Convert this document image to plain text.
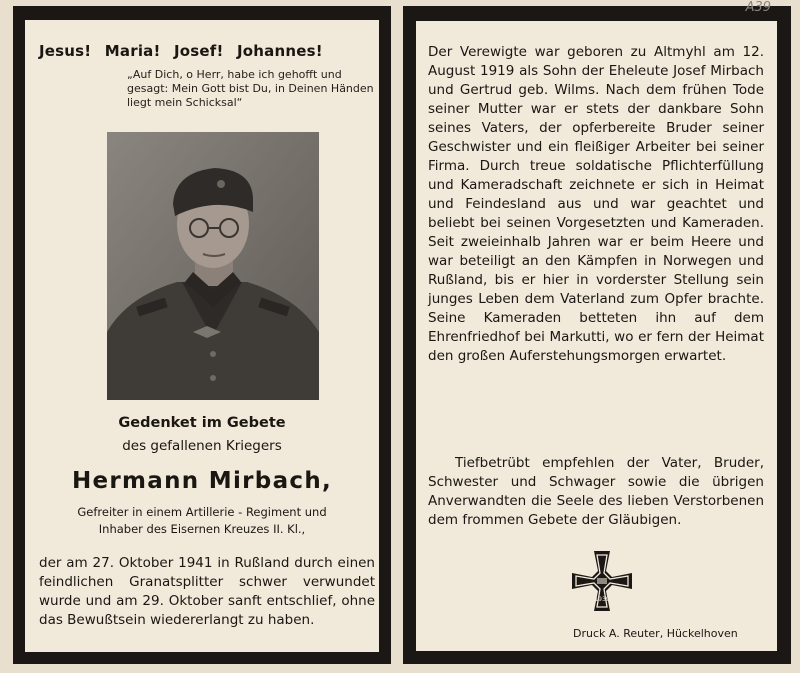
Jesus! Maria! Josef! Johannes!
„Auf Dich, o Herr, habe ich gehofft und gesagt: Mein Gott bist Du, in Deinen Händen liegt mein Schicksal“
Gedenket im Gebete
des gefallenen Kriegers
Hermann Mirbach,
Gefreiter in einem Artillerie - Regiment und
Inhaber des Eisernen Kreuzes II. Kl.,
der am 27. Oktober 1941 in Rußland durch einen feindlichen Granatsplitter schwer verwundet wurde und am 29. Oktober sanft entschlief, ohne das Bewußtsein wiedererlangt zu haben.
A39
Der Verewigte war geboren zu Altmyhl am 12. August 1919 als Sohn der Eheleute Josef Mirbach und Gertrud geb. Wilms. Nach dem frühen Tode seiner Mutter war er stets der dankbare Sohn seines Vaters, der opferbereite Bruder seiner Geschwister und ein fleißiger Arbeiter bei seiner Firma. Durch treue soldatische Pflichterfüllung und Kameradschaft zeichnete er sich in Heimat und Feindesland aus und war geachtet und beliebt bei seinen Vorgesetzten und Kameraden. Seit zweieinhalb Jahren war er beim Heere und war beteiligt an den Kämpfen in Norwegen und Rußland, bis er hier in vorderster Stellung sein junges Leben dem Vaterland zum Opfer brachte. Seine Kameraden betteten ihn auf dem Ehrenfriedhof bei Markutti, wo er fern der Heimat den großen Auferstehungsmorgen erwartet.
  Tiefbetrübt empfehlen der Vater, Bruder, Schwester und Schwager sowie die übrigen Anverwandten die Seele des lieben Verstorbenen dem frommen Gebete der Gläubigen.
1939
Druck A. Reuter, Hückelhoven
